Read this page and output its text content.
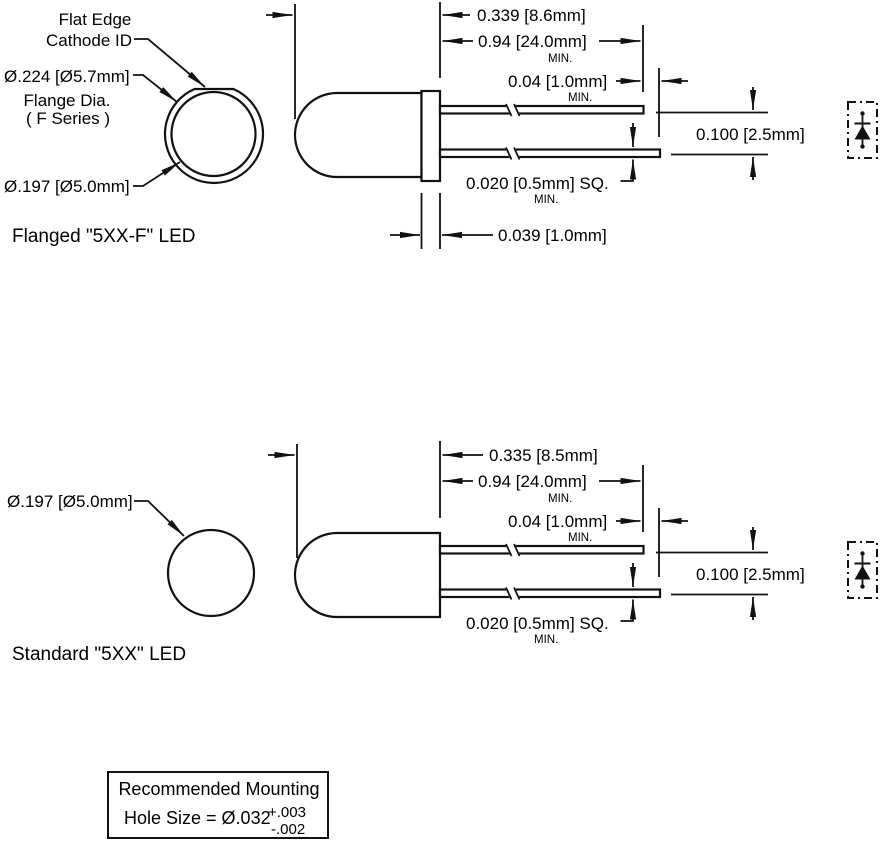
Flat Edge
Cathode ID
Ø.224 [Ø5.7mm]
Flange Dia.
( F Series )
Ø.197 [Ø5.0mm]
0.339 [8.6mm]
0.94 [24.0mm]
MIN.
0.04 [1.0mm]
MIN.
0.100 [2.5mm]
0.020 [0.5mm] SQ.
MIN.
0.039 [1.0mm]
Flanged "5XX-F" LED
Ø.197 [Ø5.0mm]
0.335 [8.5mm]
0.94 [24.0mm]
MIN.
0.04 [1.0mm]
MIN.
0.100 [2.5mm]
0.020 [0.5mm] SQ.
MIN.
Standard "5XX" LED
Recommended Mounting
Hole Size = Ø.032
+.003
-.002
